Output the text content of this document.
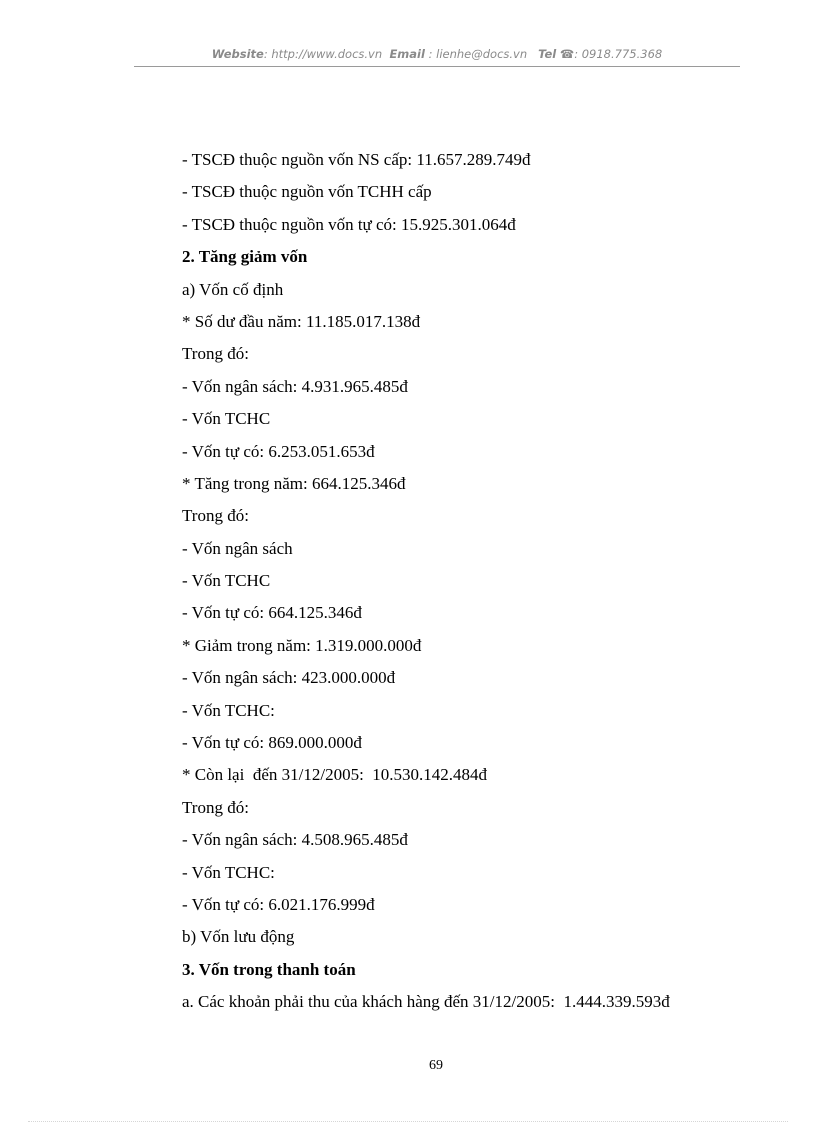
Website: http://www.docs.vn Email : lienhe@docs.vn Tel ☎: 0918.775.368
- TSCĐ thuộc nguồn vốn NS cấp: 11.657.289.749đ
- TSCĐ thuộc nguồn vốn TCHH cấp
- TSCĐ thuộc nguồn vốn tự có: 15.925.301.064đ
2. Tăng giảm vốn
a) Vốn cố định
* Số dư đầu năm: 11.185.017.138đ
Trong đó:
- Vốn ngân sách: 4.931.965.485đ
- Vốn TCHC
- Vốn tự có: 6.253.051.653đ
* Tăng trong năm: 664.125.346đ
Trong đó:
- Vốn ngân sách
- Vốn TCHC
- Vốn tự có: 664.125.346đ
* Giảm trong năm: 1.319.000.000đ
- Vốn ngân sách: 423.000.000đ
- Vốn TCHC:
- Vốn tự có: 869.000.000đ
* Còn lại  đến 31/12/2005:  10.530.142.484đ
Trong đó:
- Vốn ngân sách: 4.508.965.485đ
- Vốn TCHC:
- Vốn tự có: 6.021.176.999đ
b) Vốn lưu động
3. Vốn trong thanh toán
a. Các khoản phải thu của khách hàng đến 31/12/2005:  1.444.339.593đ
69
